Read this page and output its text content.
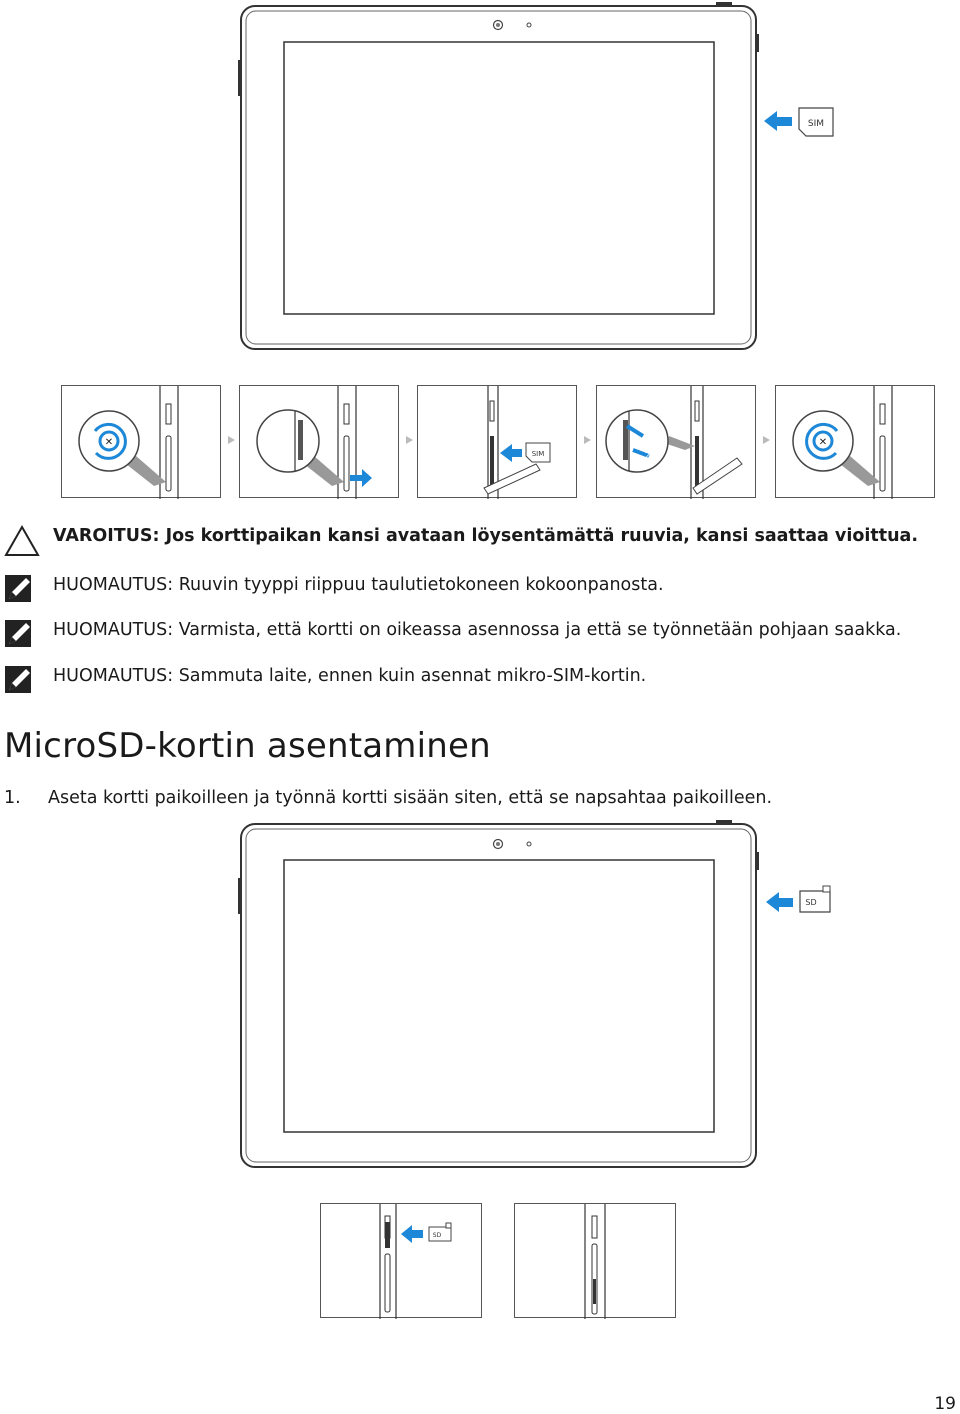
SIM
✕
SIM
1
2
✕
VAROITUS: Jos korttipaikan kansi avataan löysentämättä ruuvia, kansi saattaa vioittua.
HUOMAUTUS: Ruuvin tyyppi riippuu taulutietokoneen kokoonpanosta.
HUOMAUTUS: Varmista, että kortti on oikeassa asennossa ja että se työnnetään pohjaan saakka.
HUOMAUTUS: Sammuta laite, ennen kuin asennat mikro-SIM-kortin.
MicroSD-kortin asentaminen
1. Aseta kortti paikoilleen ja työnnä kortti sisään siten, että se napsahtaa paikoilleen.
SD
SD
19
